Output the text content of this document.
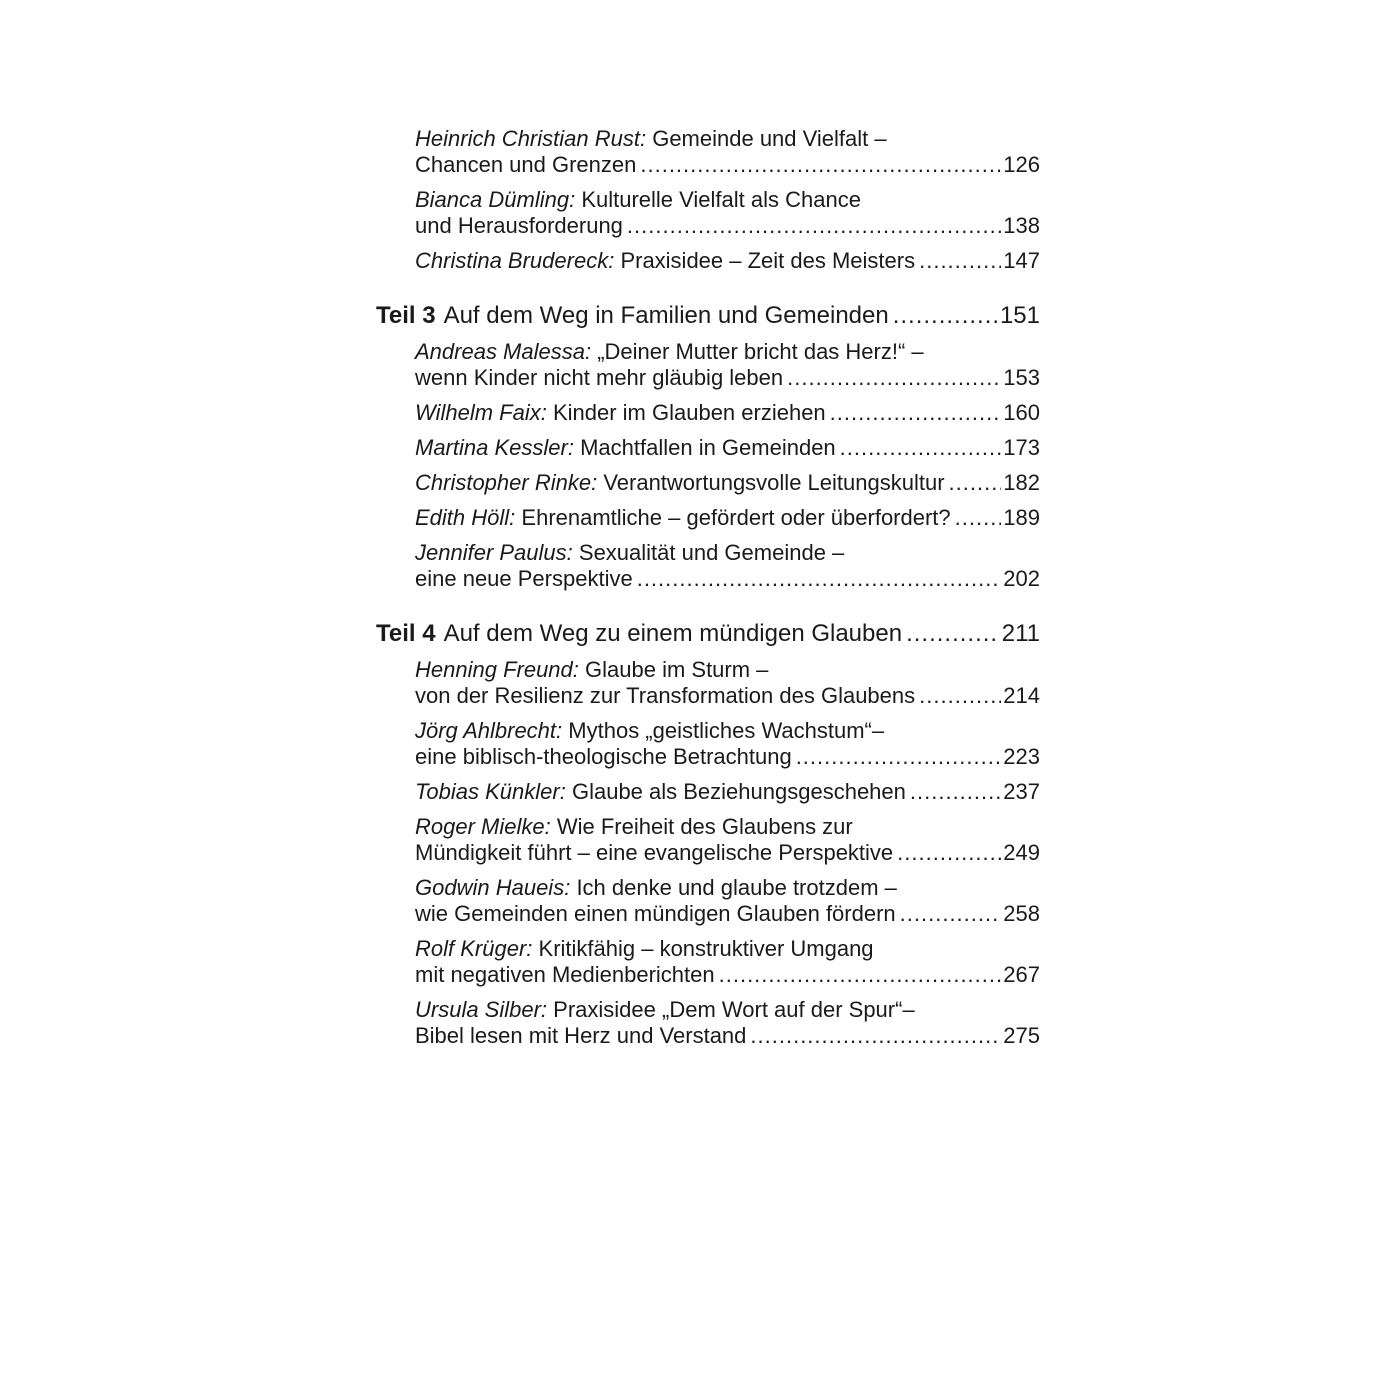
Heinrich Christian Rust:
Gemeinde und Vielfalt –
Chancen und Grenzen .....	126
Bianca Dümling:
Kulturelle Vielfalt als Chance
und Herausforderung .....	138
Christina Brudereck:
Praxisidee – Zeit des Meisters .....	147
Teil 3 Auf dem Weg in Familien und Gemeinden .....	151
Andreas Malessa:
„Deiner Mutter bricht das Herz!“ –
wenn Kinder nicht mehr gläubig leben .....	153
Wilhelm Faix:
Kinder im Glauben erziehen .....	160
Martina Kessler:
Machtfallen in Gemeinden .....	173
Christopher Rinke:
Verantwortungsvolle Leitungskultur .....	182
Edith Höll:
Ehrenamtliche – gefördert oder überfordert? ..... 189
Jennifer Paulus:
Sexualität und Gemeinde –
eine neue Perspektive .....	202
Teil 4 Auf dem Weg zu einem mündigen Glauben .....	211
Henning Freund:
Glaube im Sturm –
von der Resilienz zur Transformation des Glaubens .....	214
Jörg Ahlbrecht:
Mythos „geistliches Wachstum“–
eine biblisch-theologische Betrachtung .....	223
Tobias Künkler:
Glaube als Beziehungsgeschehen .....	237
Roger Mielke:
Wie Freiheit des Glaubens zur
Mündigkeit führt – eine evangelische Perspektive .....	249
Godwin Haueis:
Ich denke und glaube trotzdem –
wie Gemeinden einen mündigen Glauben fördern .....	258
Rolf Krüger:
Kritikfähig – konstruktiver Umgang
mit negativen Medienberichten .....	267
Ursula Silber:
Praxisidee „Dem Wort auf der Spur“–
Bibel lesen mit Herz und Verstand .....	275
